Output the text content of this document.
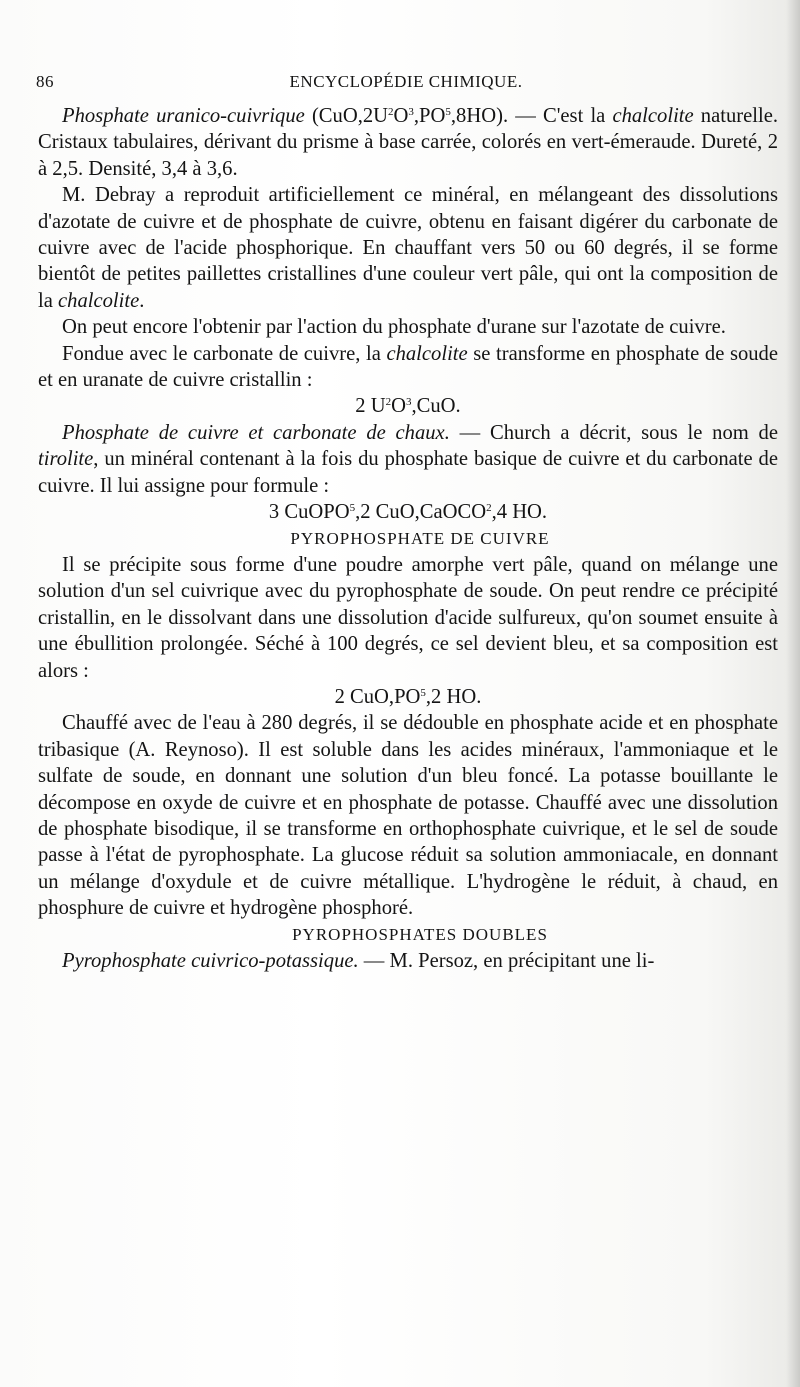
86	ENCYCLOPÉDIE CHIMIQUE.

Phosphate uranico-cuivrique $(CuO,2U^2O^3,PO^5,8HO)$. — C'est la chalcolite naturelle. Cristaux tabulaires, dérivant du prisme à base carrée, colorés en vert-émeraude. Dureté, 2 à 2,5. Densité, 3,4 à 3,6.

M. Debray a reproduit artificiellement ce minéral, en mélangeant des dissolutions d'azotate de cuivre et de phosphate de cuivre, obtenu en faisant digérer du carbonate de cuivre avec de l'acide phosphorique. En chauffant vers 50 ou 60 degrés, il se forme bientôt de petites paillettes cristallines d'une couleur vert pâle, qui ont la composition de la chalcolite.

On peut encore l'obtenir par l'action du phosphate d'urane sur l'azotate de cuivre.

Fondue avec le carbonate de cuivre, la chalcolite se transforme en phosphate de soude et en uranate de cuivre cristallin :

2 $U^2O^3,CuO$.

Phosphate de cuivre et carbonate de chaux. — Church a décrit, sous le nom de tirolite, un minéral contenant à la fois du phosphate basique de cuivre et du carbonate de cuivre. Il lui assigne pour formule :

3 CuOPO$^5$,2 CuO,CaOCO$^2$,4 HO.

PYROPHOSPHATE DE CUIVRE

Il se précipite sous forme d'une poudre amorphe vert pâle, quand on mélange une solution d'un sel cuivrique avec du pyrophosphate de soude. On peut rendre ce précipité cristallin, en le dissolvant dans une dissolution d'acide sulfureux, qu'on soumet ensuite à une ébullition prolongée. Séché à 100 degrés, ce sel devient bleu, et sa composition est alors :

2 $CuO,PO^5,2$ HO.

Chauffé avec de l'eau à 280 degrés, il se dédouble en phosphate acide et en phosphate tribasique (A. Reynoso). Il est soluble dans les acides minéraux, l'ammoniaque et le sulfate de soude, en donnant une solution d'un bleu foncé. La potasse bouillante le décompose en oxyde de cuivre et en phosphate de potasse. Chauffé avec une dissolution de phosphate bisodique, il se transforme en orthophosphate cuivrique, et le sel de soude passe à l'état de pyrophosphate. La glucose réduit sa solution ammoniacale, en donnant un mélange d'oxydule et de cuivre métallique. L'hydrogène le réduit, à chaud, en phosphure de cuivre et hydrogène phosphoré.

PYROPHOSPHATES DOUBLES

Pyrophosphate cuivrico-potassique. — M. Persoz, en précipitant une li-
